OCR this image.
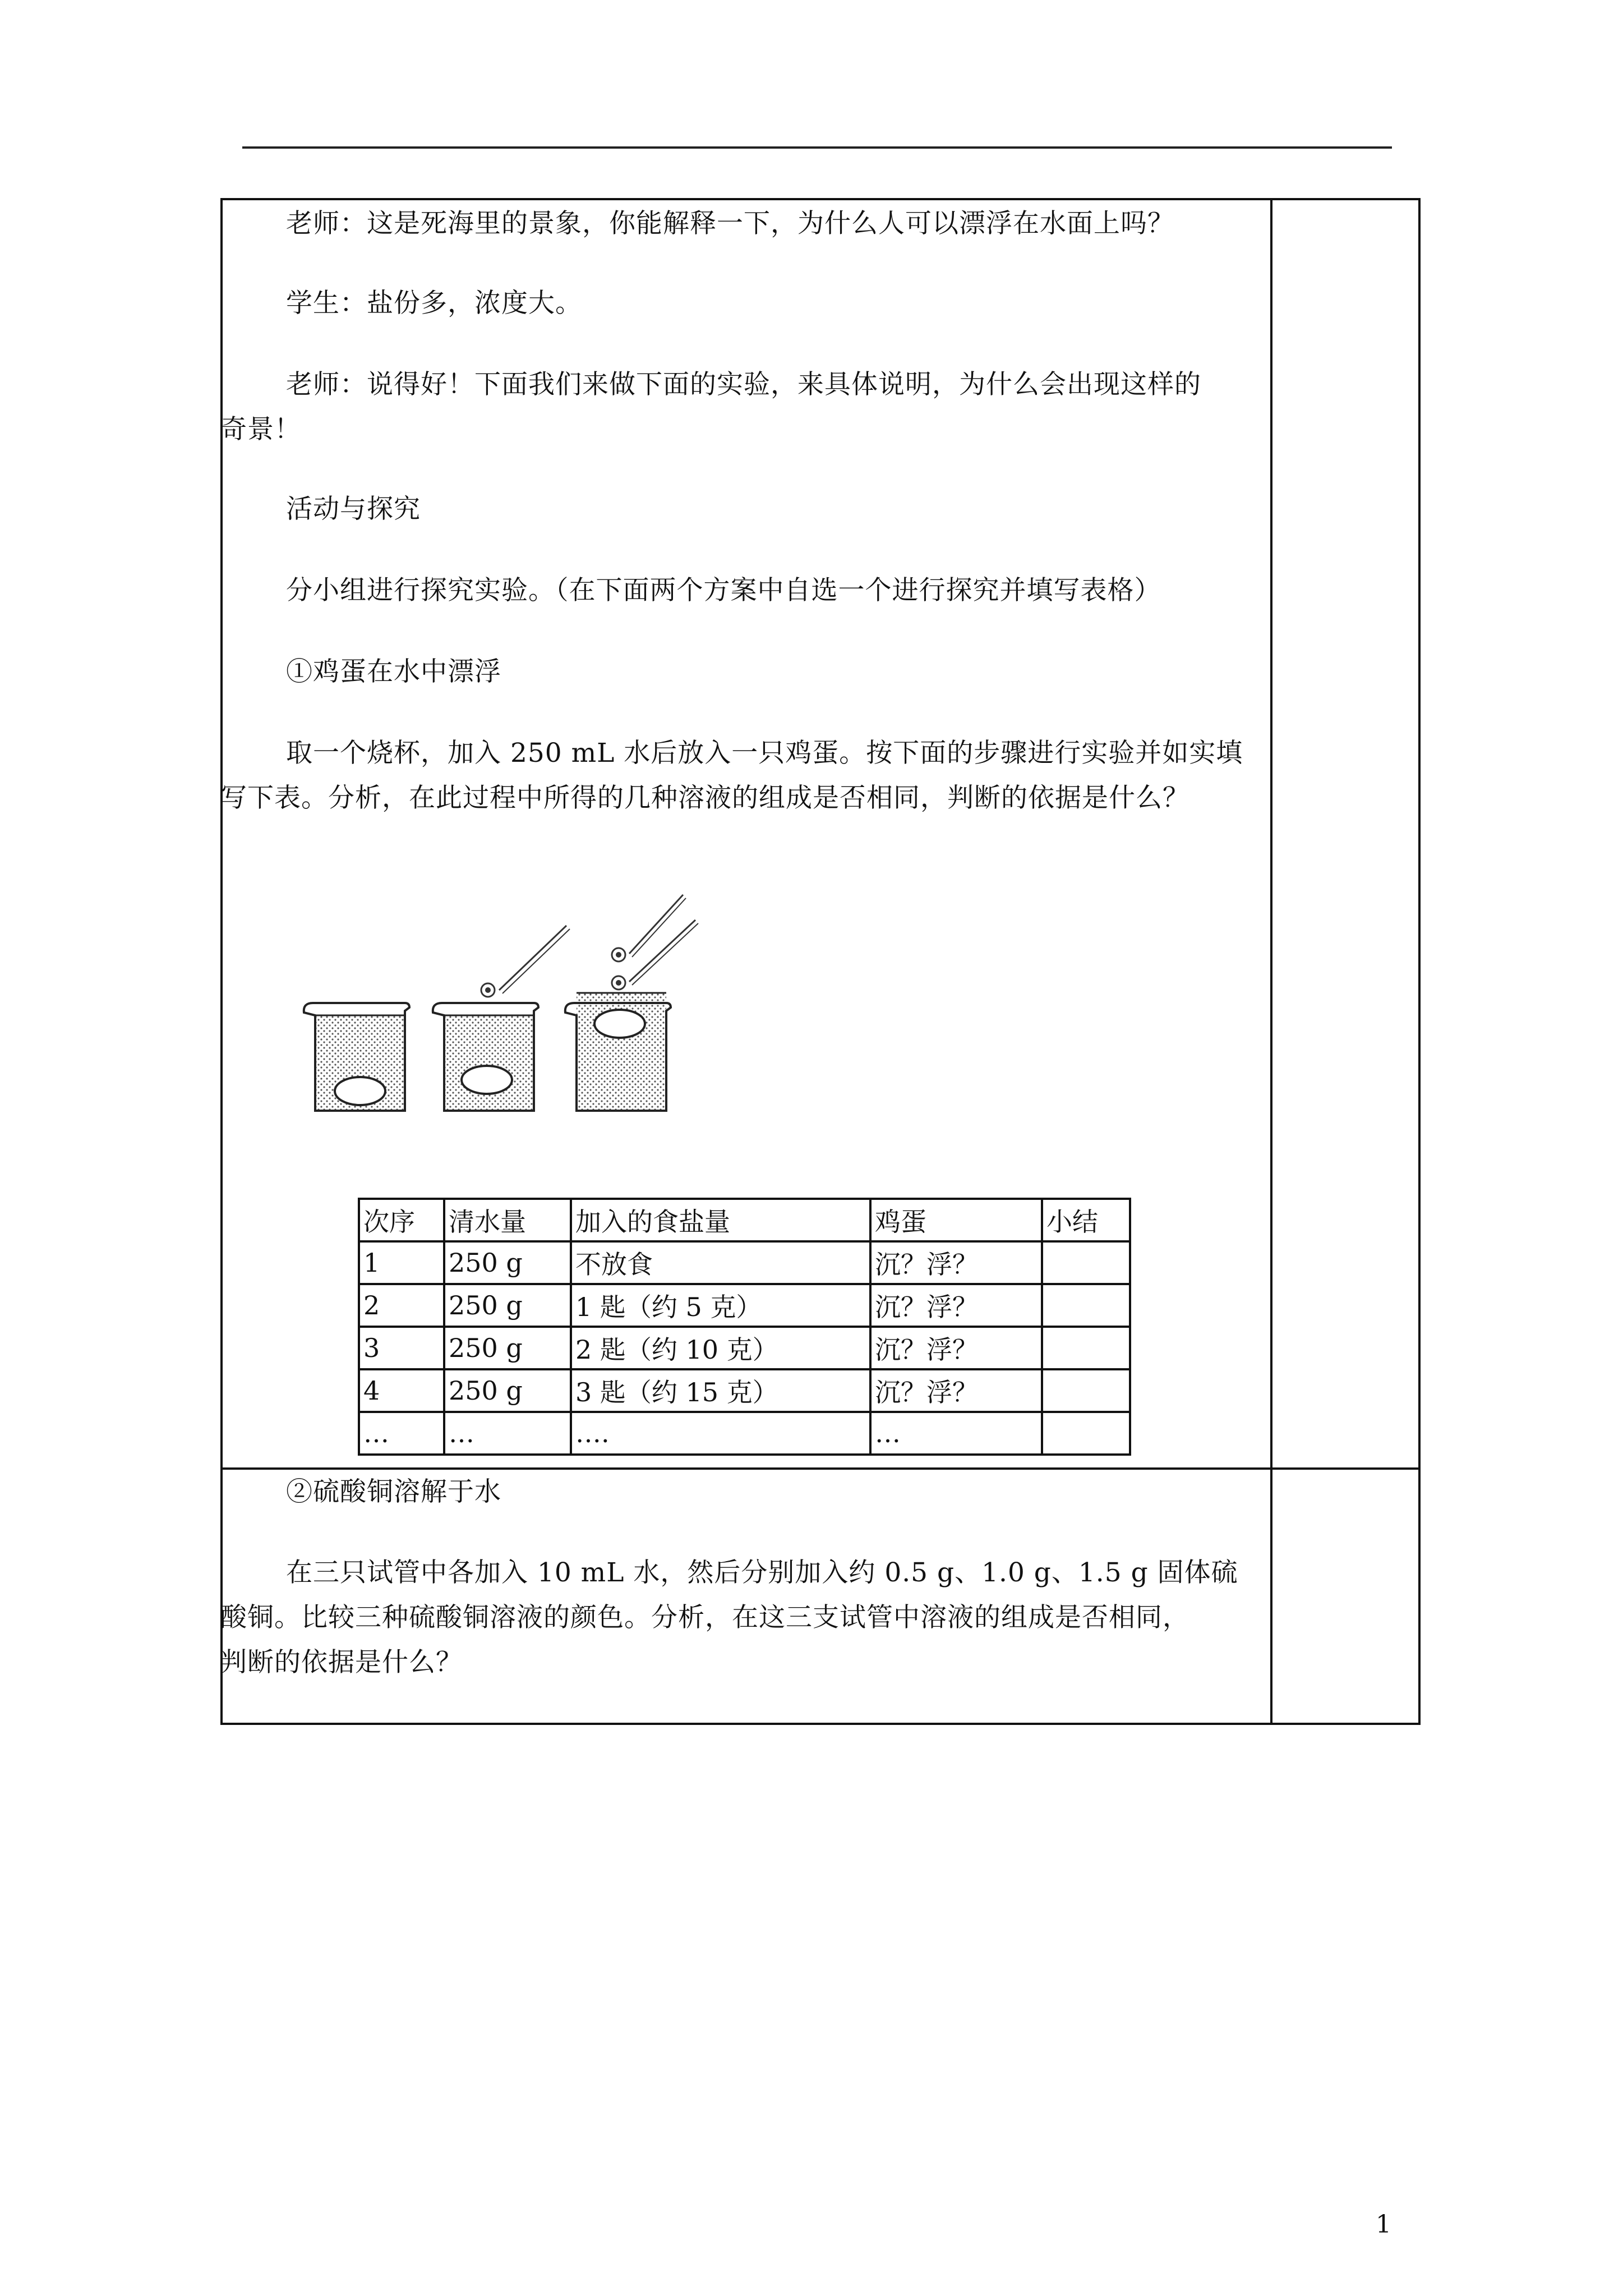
老师：这是死海里的景象，你能解释一下，为什么人可以漂浮在水面上吗？
学生：盐份多，浓度大。
老师：说得好！下面我们来做下面的实验，来具体说明，为什么会出现这样的
奇景！
活动与探究
分小组进行探究实验。（在下面两个方案中自选一个进行探究并填写表格）
①鸡蛋在水中漂浮
取一个烧杯，加入 250 mL 水后放入一只鸡蛋。按下面的步骤进行实验并如实填
写下表。分析，在此过程中所得的几种溶液的组成是否相同，判断的依据是什么？
次序	清水量	加入的食盐量	鸡蛋	小结
1	250 g	不放食	沉？浮？	
2	250 g	1 匙（约 5 克）	沉？浮？	
3	250 g	2 匙（约 10 克）	沉？浮？	
4	250 g	3 匙（约 15 克）	沉？浮？	
…	…	….	…	
②硫酸铜溶解于水
在三只试管中各加入 10 mL 水，然后分别加入约 0.5 g、1.0 g、1.5 g 固体硫
酸铜。比较三种硫酸铜溶液的颜色。分析，在这三支试管中溶液的组成是否相同，
判断的依据是什么？
1
